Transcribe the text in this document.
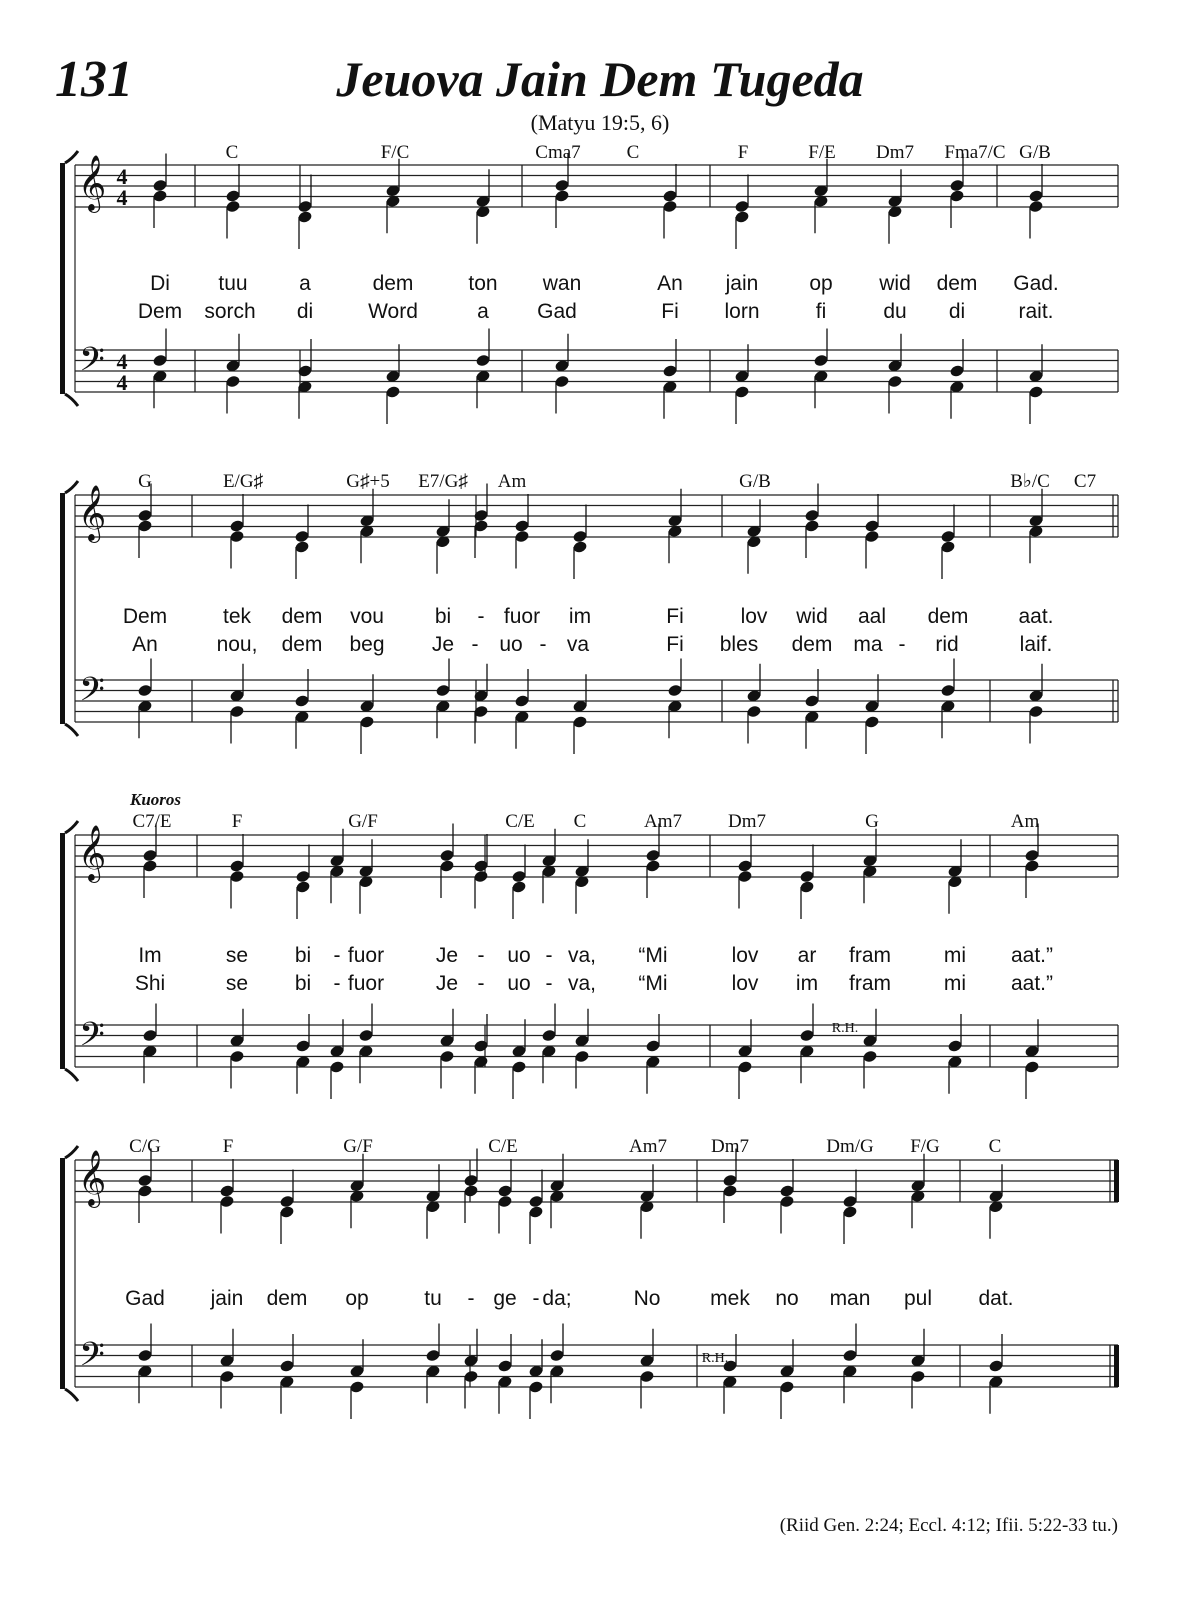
131	Jeuova Jain Dem Tugeda
(Matyu 19:5, 6)
(Riid Gen. 2:24; Eccl. 4:12; Ifii. 5:22-33 tu.)
𝄞
𝄢
4
4
4
4
C	F/C	Cma7 C	F	F/E Dm7 Fma7/C G/B
Di tuu a	dem	ton wan	An jain op wid dem Gad.
Dem sorch di	Word	a Gad	Fi lorn	fi	du di	rait.
𝄞
𝄢
G	E/G♯	G♯+5 E7/G♯ Am	G/B	B♭/C C7
Dem	tek dem vou bi - fuor im	Fi	lov wid aal dem aat.
An	nou, dem beg Je - uo - va	Fi bles dem ma - rid	laif.
𝄞
𝄢
C7/E	F	G/F	C/E C	Am7 Dm7	G	Am
Im	se bi - fuor Je - uo - va, “Mi	lov ar fram	mi aat.”
Shi	se bi - fuor Je - uo - va, “Mi	lov im fram	mi aat.”
Kuoros
R.H.
𝄞
𝄢
C/G	F	G/F	C/E	Am7 Dm7	Dm/G F/G	C
Gad jain dem op	tu - ge - da;	No mek no man pul dat.
R.H.
